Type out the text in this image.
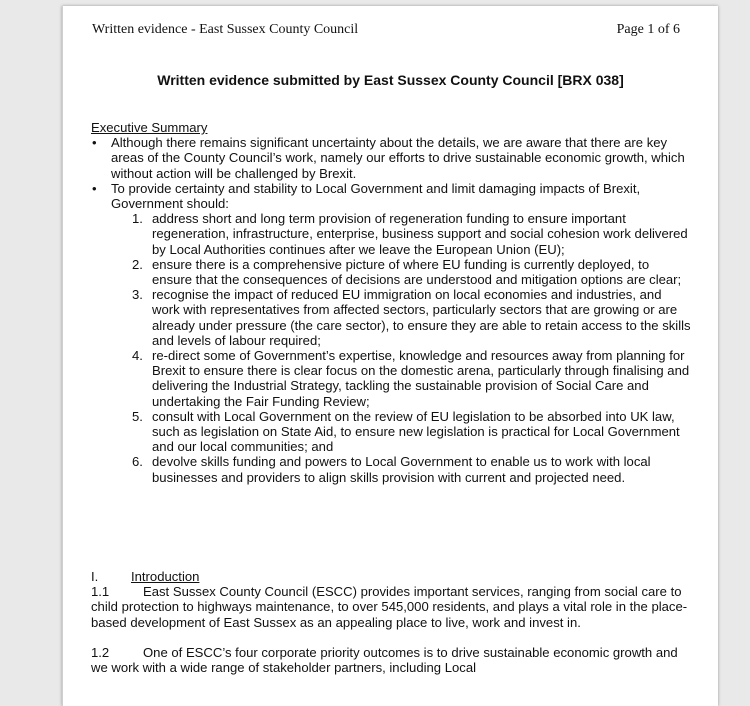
Written evidence - East Sussex County Council	Page 1 of 6
Written evidence submitted by East Sussex County Council [BRX 038]
Executive Summary
• Although there remains significant uncertainty about the details, we are aware that there are key areas of the County Council’s work, namely our efforts to drive sustainable economic growth, which without action will be challenged by Brexit.
• To provide certainty and stability to Local Government and limit damaging impacts of Brexit, Government should:
1. address short and long term provision of regeneration funding to ensure important regeneration, infrastructure, enterprise, business support and social cohesion work delivered by Local Authorities continues after we leave the European Union (EU);
2. ensure there is a comprehensive picture of where EU funding is currently deployed, to ensure that the consequences of decisions are understood and mitigation options are clear;
3. recognise the impact of reduced EU immigration on local economies and industries, and work with representatives from affected sectors, particularly sectors that are growing or are already under pressure (the care sector), to ensure they are able to retain access to the skills and levels of labour required;
4. re-direct some of Government’s expertise, knowledge and resources away from planning for Brexit to ensure there is clear focus on the domestic arena, particularly through finalising and delivering the Industrial Strategy, tackling the sustainable provision of Social Care and undertaking the Fair Funding Review;
5. consult with Local Government on the review of EU legislation to be absorbed into UK law, such as legislation on State Aid, to ensure new legislation is practical for Local Government and our local communities; and
6. devolve skills funding and powers to Local Government to enable us to work with local businesses and providers to align skills provision with current and projected need.
I. Introduction
1.1	East Sussex County Council (ESCC) provides important services, ranging from social care to child protection to highways maintenance, to over 545,000 residents, and plays a vital role in the place-based development of East Sussex as an appealing place to live, work and invest in.
1.2	One of ESCC’s four corporate priority outcomes is to drive sustainable economic growth and we work with a wide range of stakeholder partners, including Local
